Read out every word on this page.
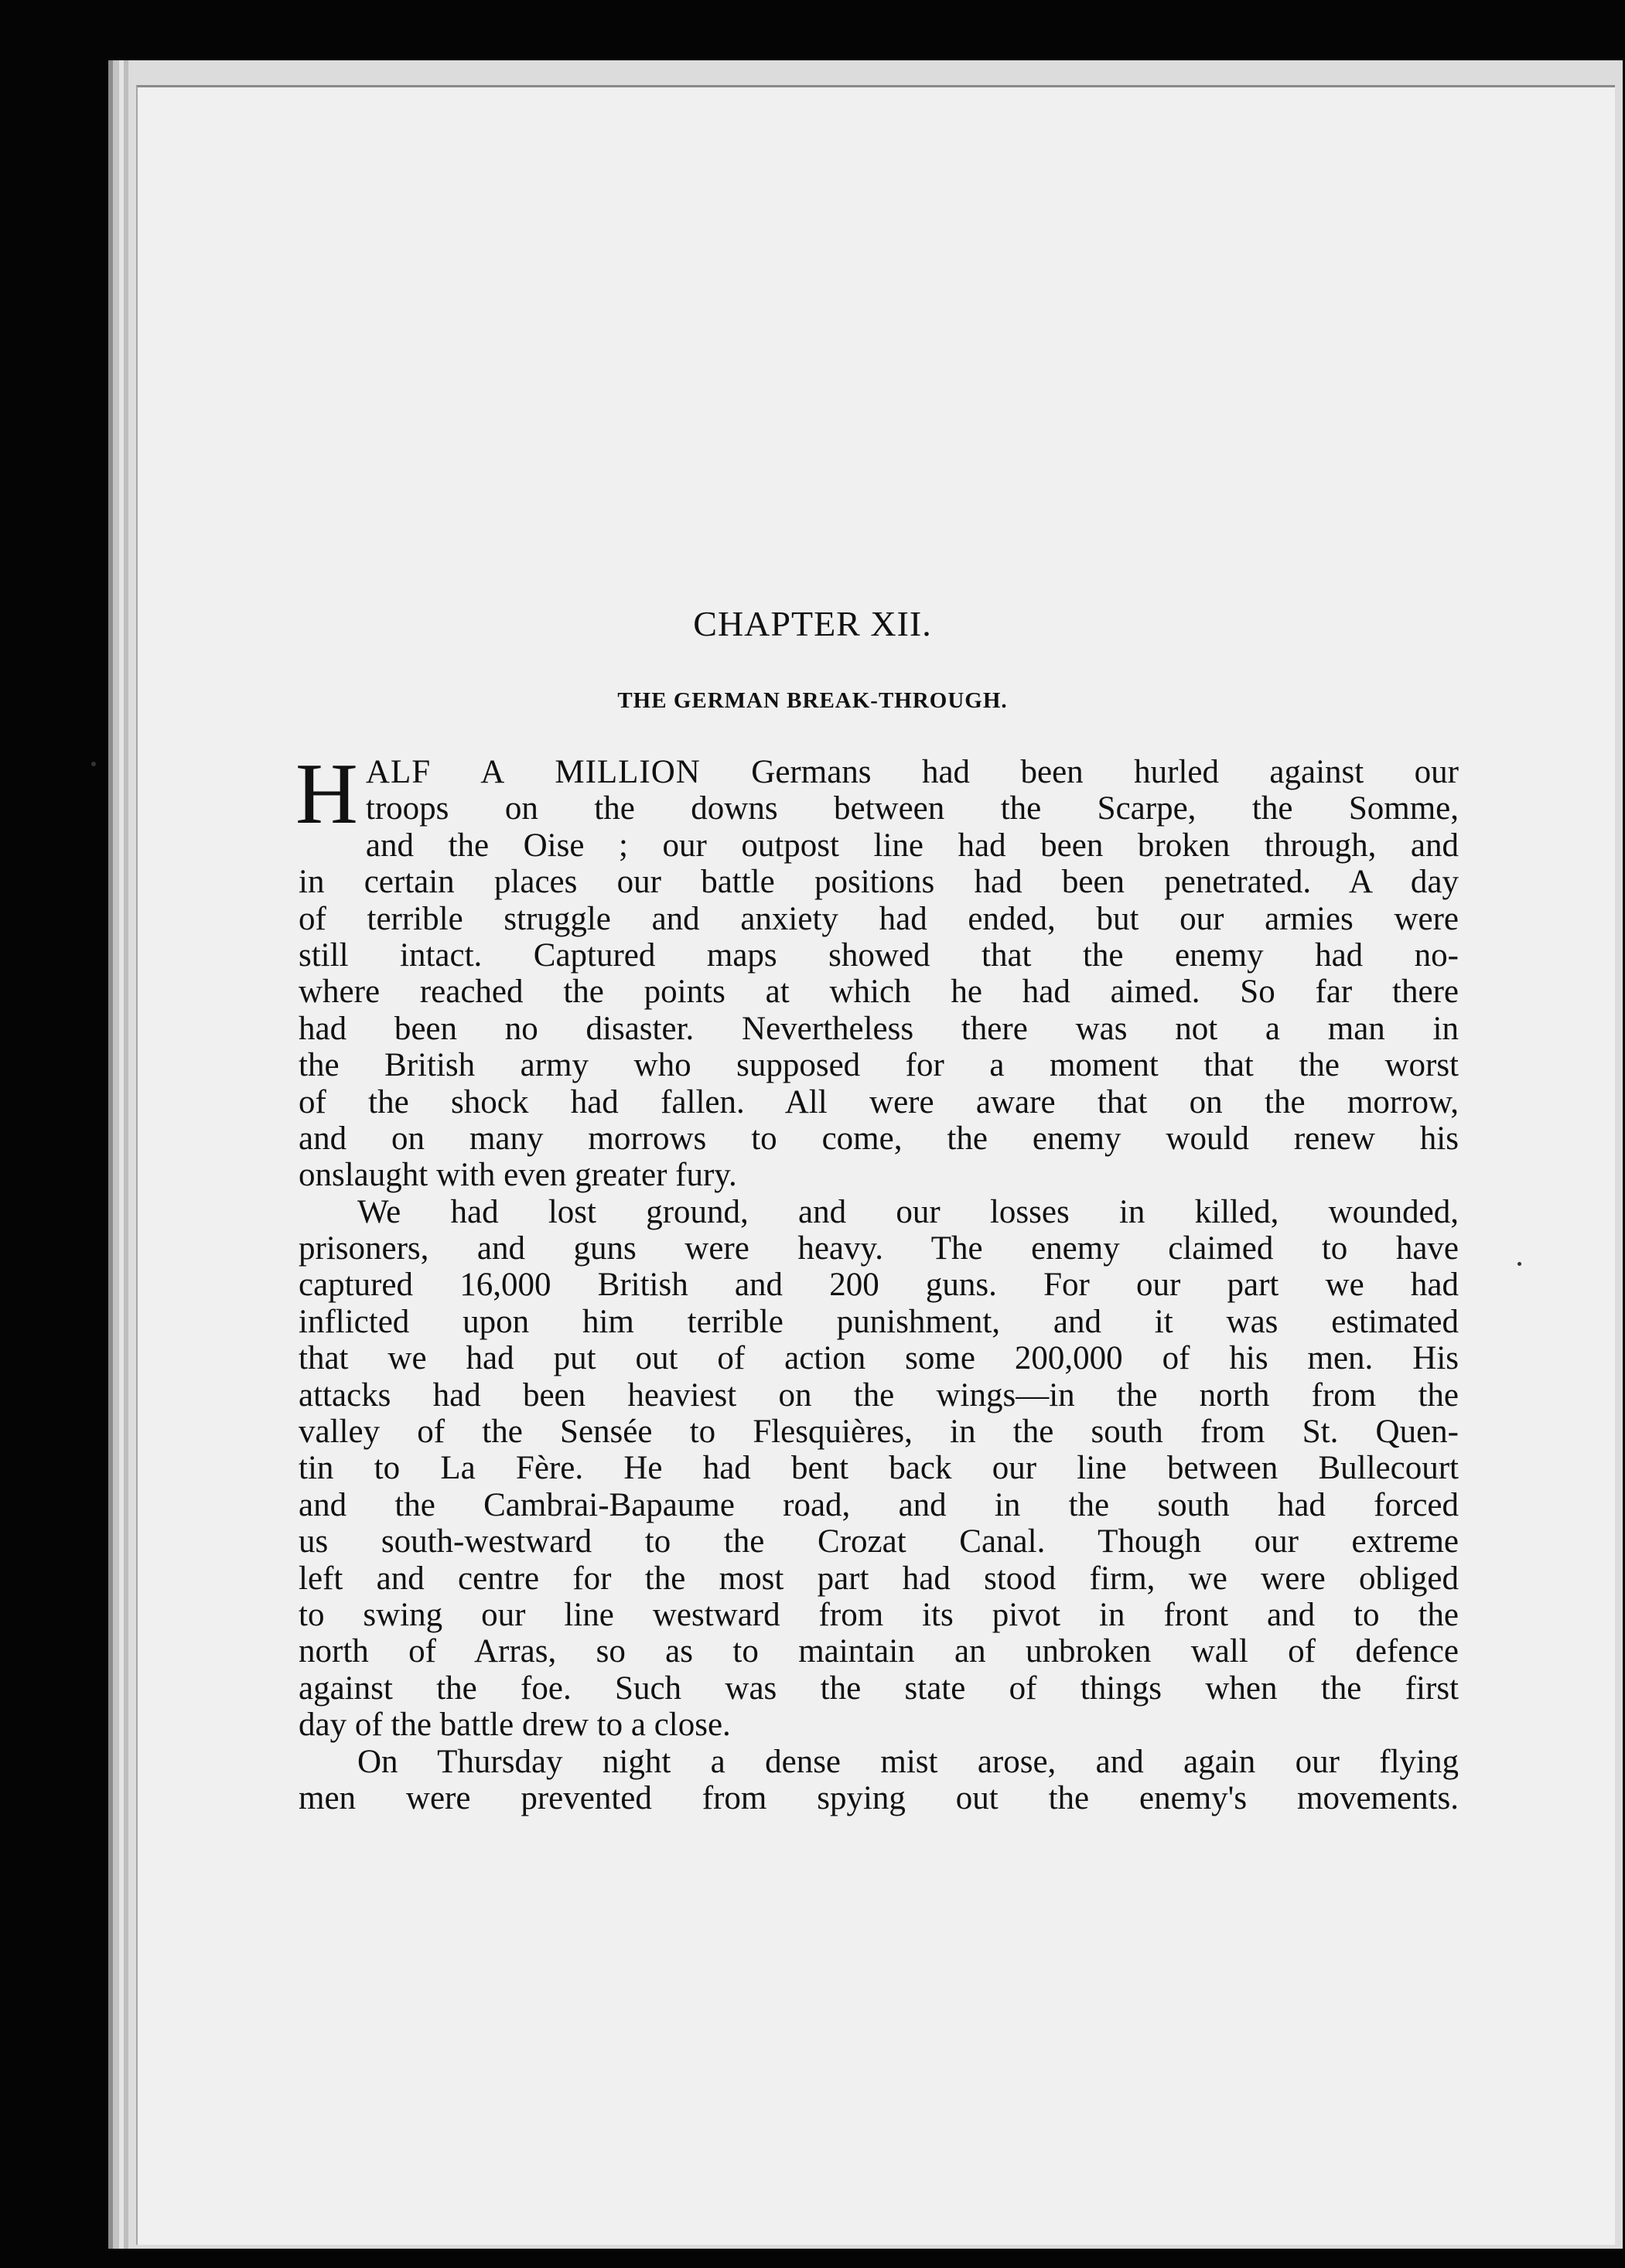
CHAPTER XII.
THE GERMAN BREAK-THROUGH.
H ALF A MILLION Germans had been hurled against our
troops on the downs between the Scarpe, the Somme,
and the Oise ; our outpost line had been broken through, and
in certain places our battle positions had been penetrated. A day
of terrible struggle and anxiety had ended, but our armies were
still intact. Captured maps showed that the enemy had no-
where reached the points at which he had aimed. So far there
had been no disaster. Nevertheless there was not a man in
the British army who supposed for a moment that the worst
of the shock had fallen. All were aware that on the morrow,
and on many morrows to come, the enemy would renew his
onslaught with even greater fury.
We had lost ground, and our losses in killed, wounded,
prisoners, and guns were heavy. The enemy claimed to have
captured 16,000 British and 200 guns. For our part we had
inflicted upon him terrible punishment, and it was estimated
that we had put out of action some 200,000 of his men. His
attacks had been heaviest on the wings—in the north from the
valley of the Sensée to Flesquières, in the south from St. Quen-
tin to La Fère. He had bent back our line between Bullecourt
and the Cambrai-Bapaume road, and in the south had forced
us south-westward to the Crozat Canal. Though our extreme
left and centre for the most part had stood firm, we were obliged
to swing our line westward from its pivot in front and to the
north of Arras, so as to maintain an unbroken wall of defence
against the foe. Such was the state of things when the first
day of the battle drew to a close.
On Thursday night a dense mist arose, and again our flying
men were prevented from spying out the enemy's movements.
